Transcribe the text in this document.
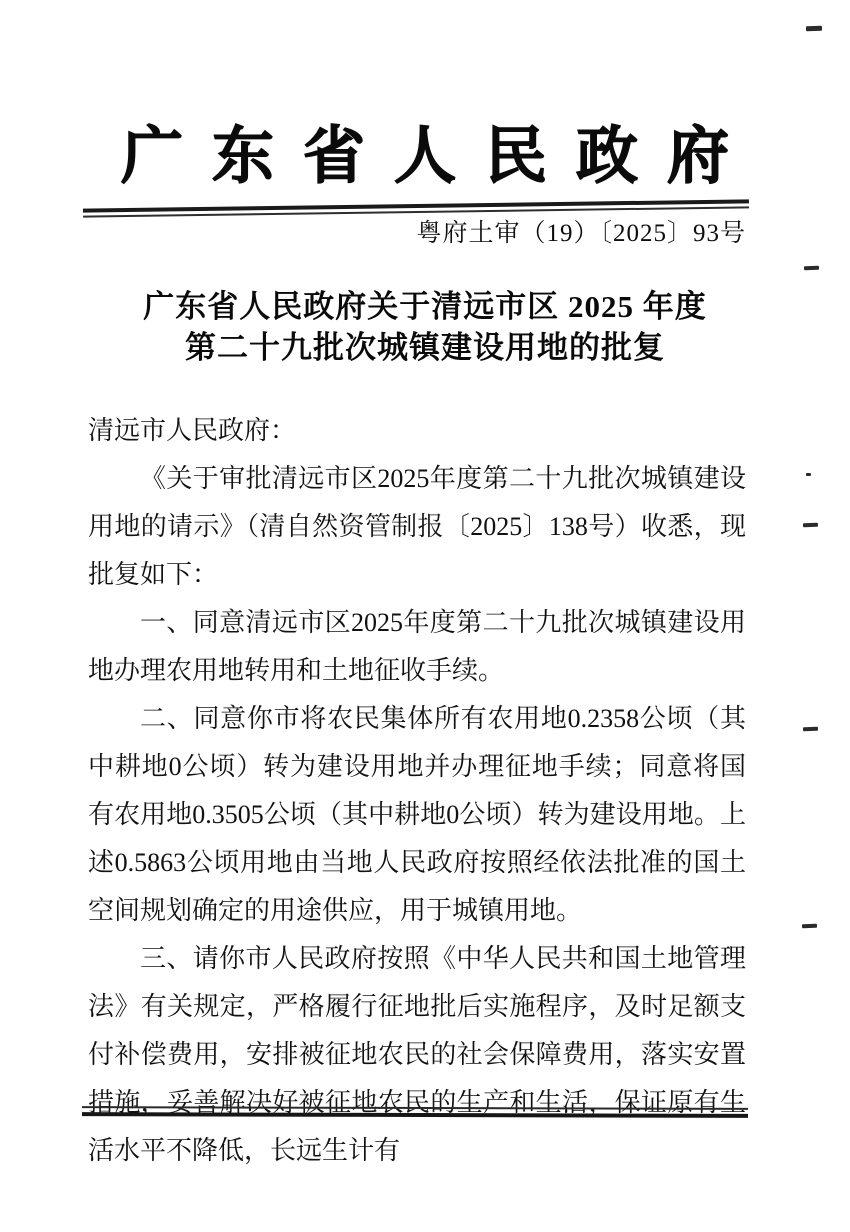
广东省人民政府
粤府土审（19）〔2025〕93号
广东省人民政府关于清远市区 2025 年度
第二十九批次城镇建设用地的批复

清远市人民政府：

《关于审批清远市区2025年度第二十九批次城镇建设用地的请示》（清自然资管制报〔2025〕138号）收悉，现批复如下：

一、同意清远市区2025年度第二十九批次城镇建设用地办理农用地转用和土地征收手续。

二、同意你市将农民集体所有农用地0.2358公顷（其中耕地0公顷）转为建设用地并办理征地手续；同意将国有农用地0.3505公顷（其中耕地0公顷）转为建设用地。上述0.5863公顷用地由当地人民政府按照经依法批准的国土空间规划确定的用途供应，用于城镇用地。

三、请你市人民政府按照《中华人民共和国土地管理法》有关规定，严格履行征地批后实施程序，及时足额支付补偿费用，安排被征地农民的社会保障费用，落实安置措施，妥善解决好被征地农民的生产和生活，保证原有生活水平不降低，长远生计有
